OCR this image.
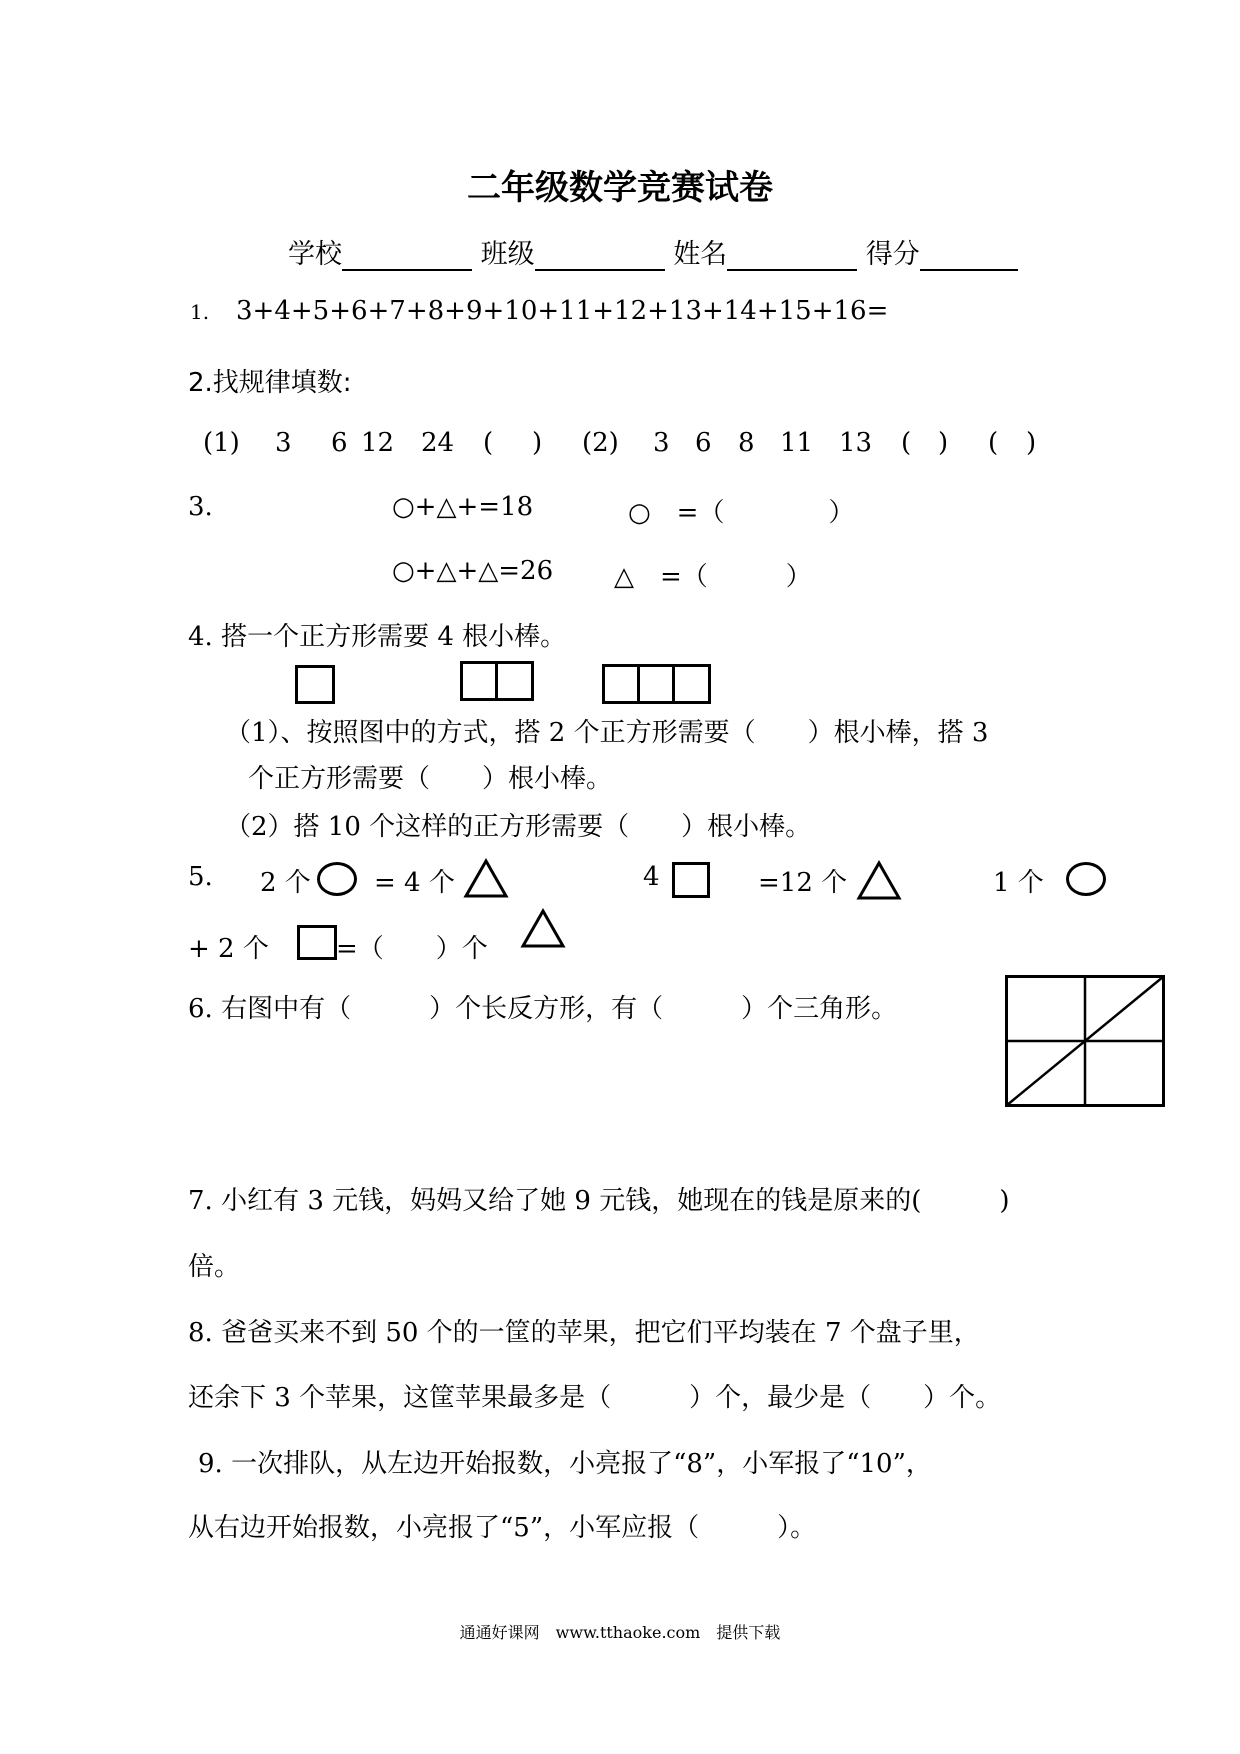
二年级数学竞赛试卷
学校	班级	姓名	得分
1. 3+4+5+6+7+8+9+10+11+12+13+14+15+16=
2.找规律填数:
(1) 3 6 12 24 ( ) (2) 3 6 8 11 13 ( ) ( )
3.	○+△+=18	○　=（　　　　）
○+△+△=26 △　=（　　　）
4. 搭一个正方形需要 4 根小棒。
（1）、按照图中的方式，搭 2 个正方形需要（　　）根小棒，搭 3
个正方形需要（　　）根小棒。
（2）搭 10 个这样的正方形需要（　　）根小棒。
5. 2 个 = 4 个	4	=12 个	1 个
+ 2 个	=（　　）个
6. 右图中有（　　　）个长反方形，有（　　　）个三角形。
7. 小红有 3 元钱，妈妈又给了她 9 元钱，她现在的钱是原来的(　　　)
倍。
8. 爸爸买来不到 50 个的一筐的苹果，把它们平均装在 7 个盘子里，
还余下 3 个苹果，这筐苹果最多是（　　　）个，最少是（　　）个。
9. 一次排队，从左边开始报数，小亮报了“8”，小军报了“10”，
从右边开始报数，小亮报了“5”，小军应报（　　　）。
通通好课网　www.tthaoke.com　提供下载
